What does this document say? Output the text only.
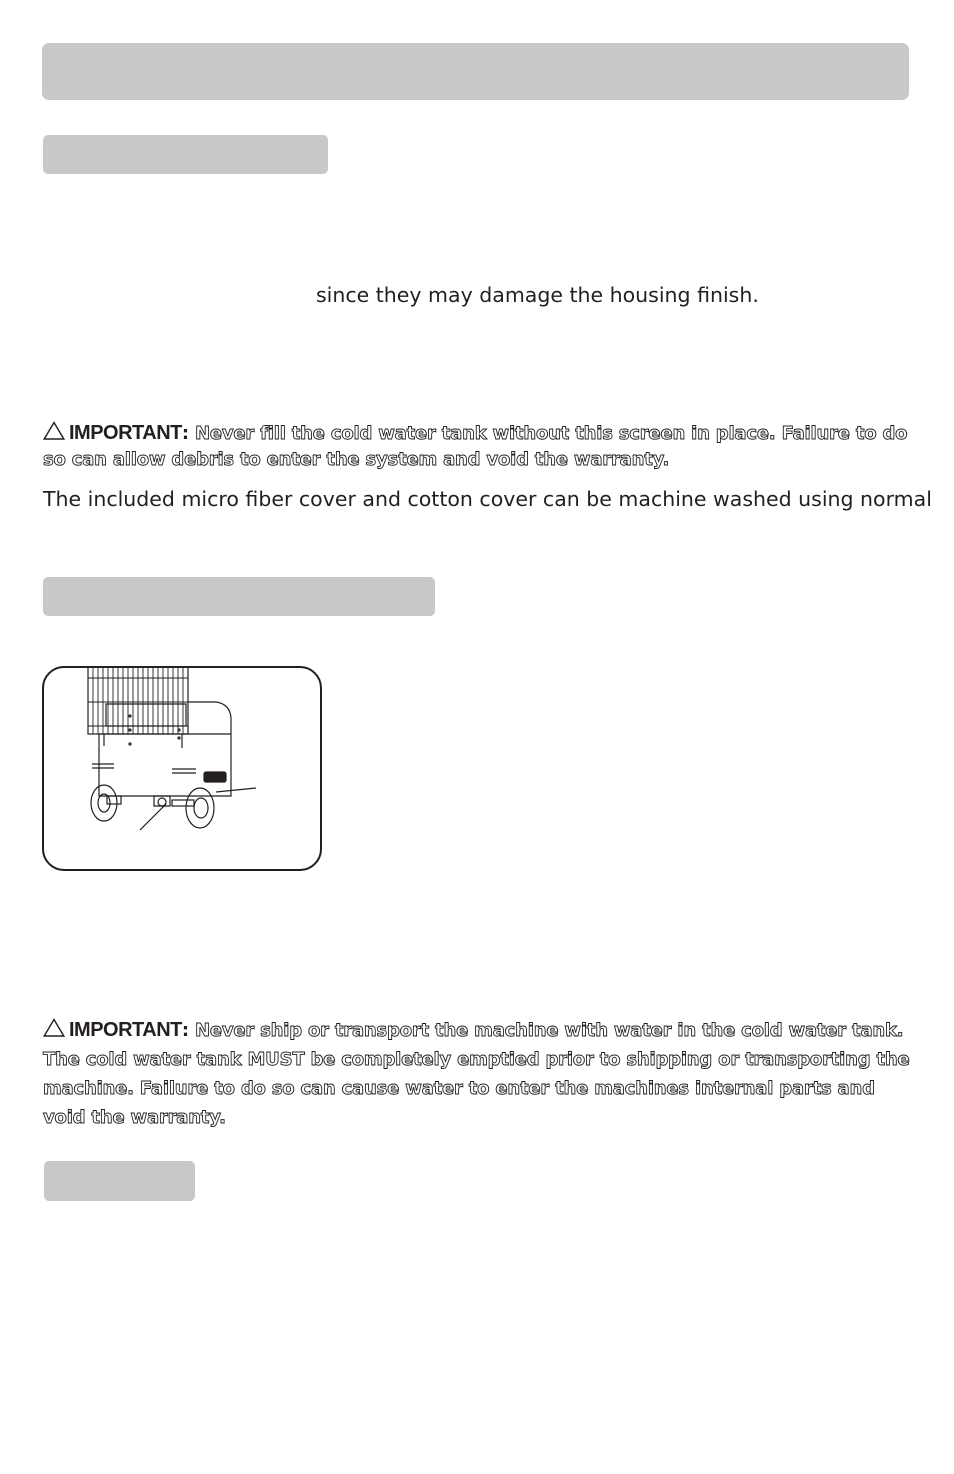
since they may damage the housing finish.
IMPORTANT: Never fill the cold water tank without this screen in place. Failure to do so can allow debris to enter the system and void the warranty.
The included micro fiber cover and cotton cover can be machine washed using normal
IMPORTANT: Never ship or transport the machine with water in the cold water tank. The cold water tank MUST be completely emptied prior to shipping or transporting the machine. Failure to do so can cause water to enter the machines internal parts and void the warranty.
